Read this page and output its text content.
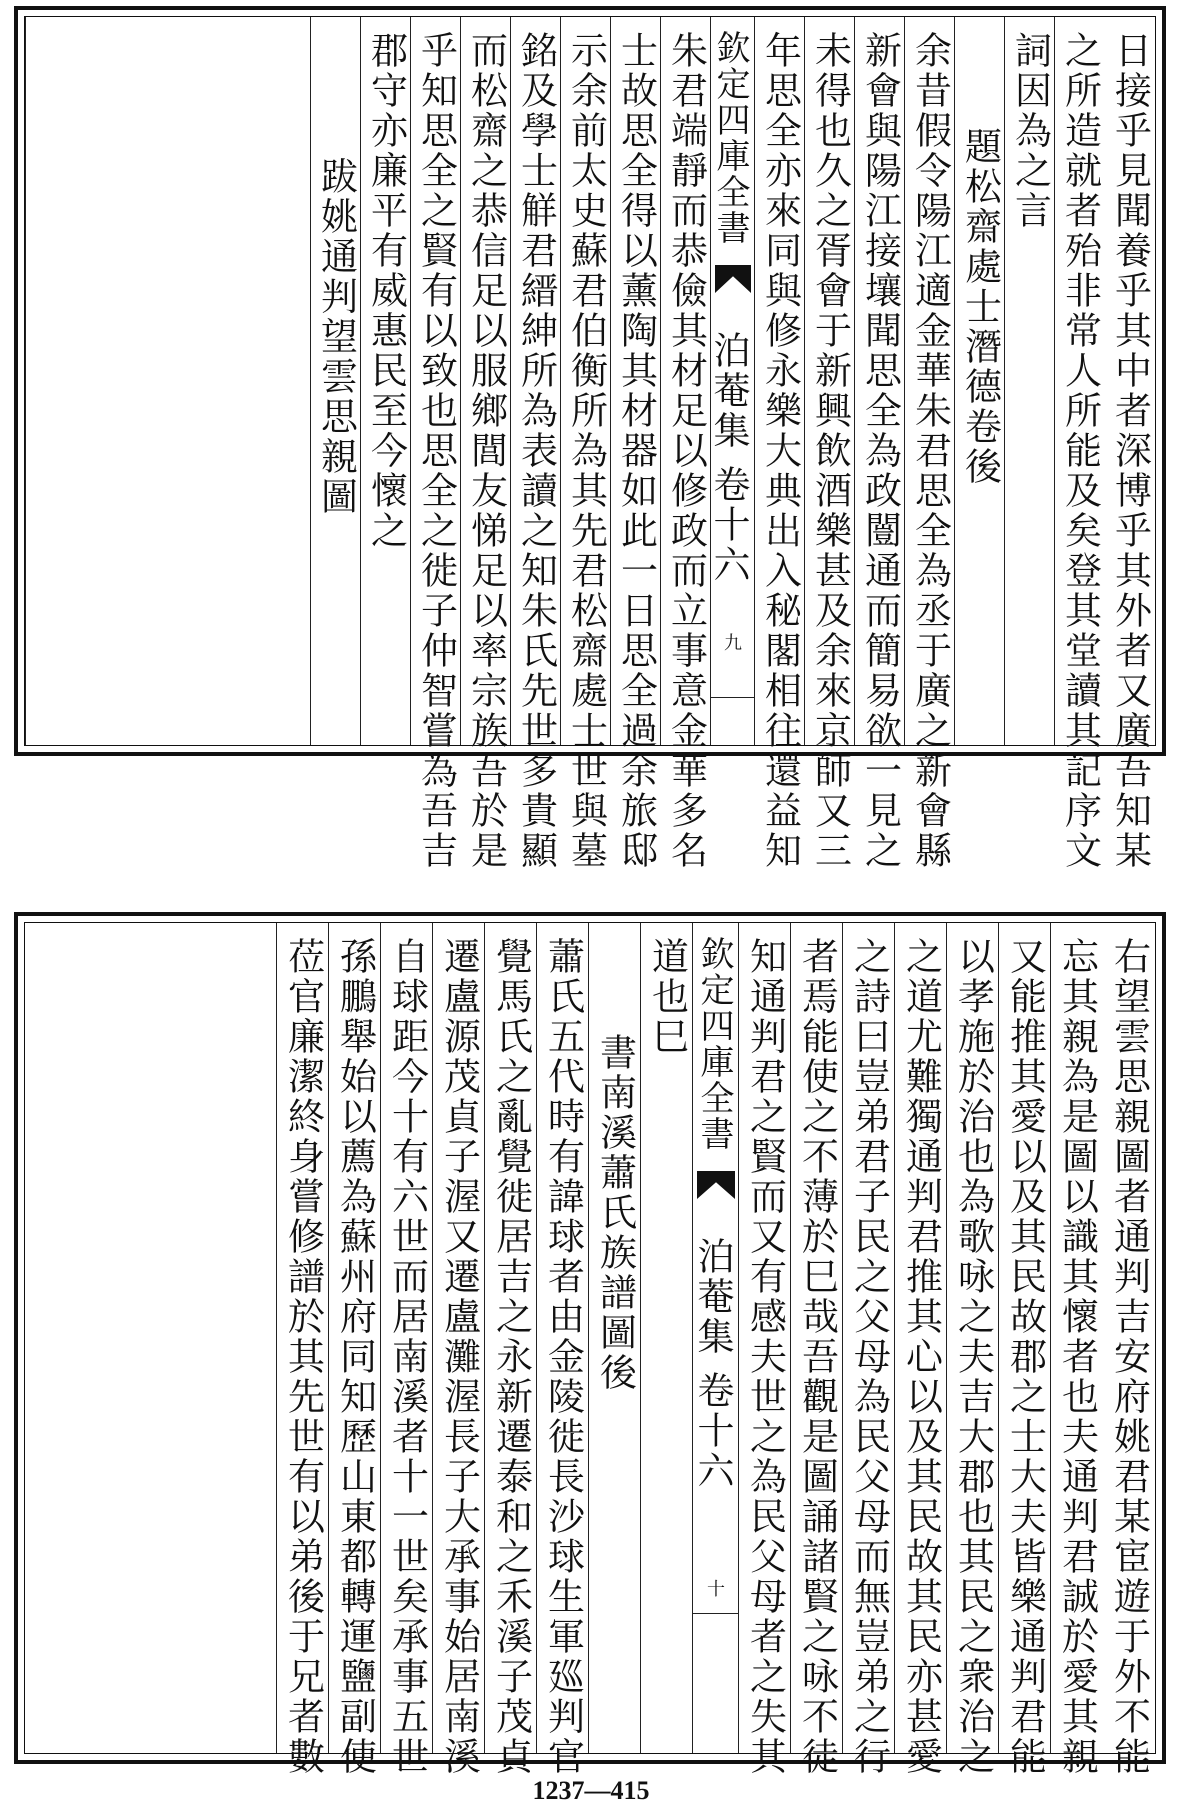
日接乎見聞養乎其中者深博乎其外者又廣吾知某
之所造就者殆非常人所能及矣登其堂讀其記序文
詞因為之言
題松齋處士潛德卷後
余昔假令陽江適金華朱君思全為丞于廣之新會縣
新會與陽江接壤聞思全為政闓通而簡易欲一見之
未得也久之胥會于新興飲酒樂甚及余來京師又三
年思全亦來同與修永樂大典出入秘閣相往還益知
欽定四庫全書
泊菴集卷十六
九
朱君端靜而恭儉其材足以修政而立事意金華多名
士故思全得以薰陶其材器如此一日思全過余旅邸
示余前太史蘇君伯衡所為其先君松齋處士世與墓
銘及學士觧君縉紳所為表讀之知朱氏先世多貴顯
而松齋之恭信足以服鄉閭友悌足以率宗族吾於是
乎知思全之賢有以致也思全之徙子仲智嘗為吾吉
郡守亦廉平有威惠民至今懷之
跋姚通判望雲思親圖
右望雲思親圖者通判吉安府姚君某宦遊于外不能
忘其親為是圖以識其懷者也夫通判君誠於愛其親
又能推其愛以及其民故郡之士大夫皆樂通判君能
以孝施於治也為歌咏之夫吉大郡也其民之衆治之
之道尤難獨通判君推其心以及其民故其民亦甚愛
之詩曰豈弟君子民之父母為民父母而無豈弟之行
者焉能使之不薄於巳哉吾觀是圖誦諸賢之咏不徒
知通判君之賢而又有感夫世之為民父母者之失其
欽定四庫全書
泊菴集卷十六
十
道也巳
書南溪蕭氏族譜圖後
蕭氏五代時有諱球者由金陵徙長沙球生軍廵判官
覺馬氏之亂覺徙居吉之永新遷泰和之禾溪子茂貞
遷盧源茂貞子渥又遷盧灘渥長子大承事始居南溪
自球距今十有六世而居南溪者十一世矣承事五世
孫鵬舉始以薦為蘇州府同知歷山東都轉運鹽副使
莅官廉潔終身嘗修譜於其先世有以弟後于兄者數
1237—415
